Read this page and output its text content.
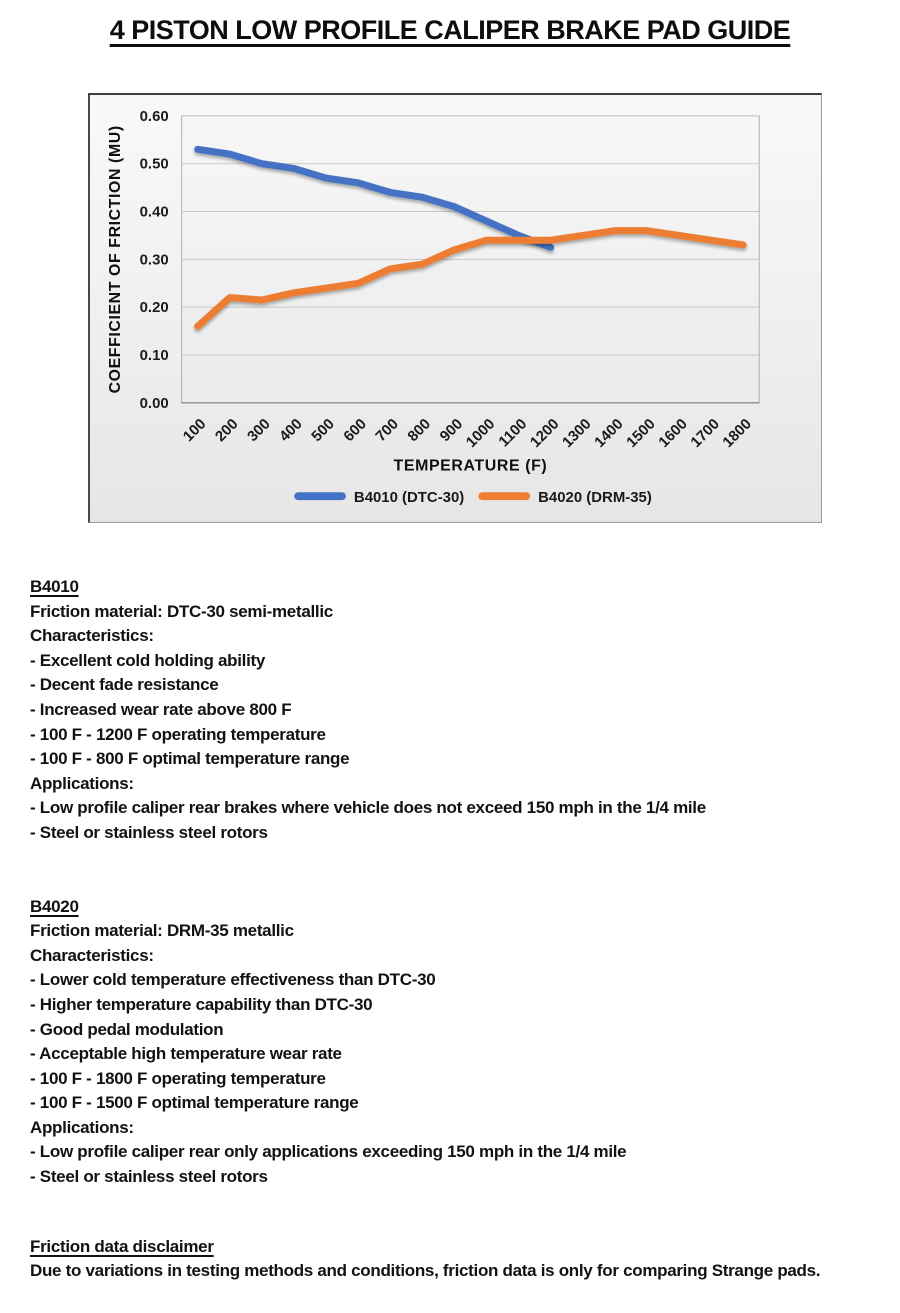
4 PISTON LOW PROFILE CALIPER BRAKE PAD GUIDE
0.00
0.10
0.20
0.30
0.40
0.50
0.60
100 200 300 400 500 600 700 800 900
1000
1100
1200
1300
1400
1500
1600
1700
1800
TEMPERATURE (F)
COEFFICIENT OF FRICTION (MU)
B4010 (DTC-30)	B4020 (DRM-35)
B4010
Friction material: DTC-30 semi-metallic
Characteristics:
- Excellent cold holding ability
- Decent fade resistance
- Increased wear rate above 800 F
- 100 F - 1200 F operating temperature
- 100 F - 800 F optimal temperature range
Applications:
- Low profile caliper rear brakes where vehicle does not exceed 150 mph in the 1/4 mile
- Steel or stainless steel rotors
B4020
Friction material: DRM-35 metallic
Characteristics:
- Lower cold temperature effectiveness than DTC-30
- Higher temperature capability than DTC-30
- Good pedal modulation
- Acceptable high temperature wear rate
- 100 F - 1800 F operating temperature
- 100 F - 1500 F optimal temperature range
Applications:
- Low profile caliper rear only applications exceeding 150 mph in the 1/4 mile
- Steel or stainless steel rotors
Friction data disclaimer
Due to variations in testing methods and conditions, friction data is only for comparing Strange pads.
